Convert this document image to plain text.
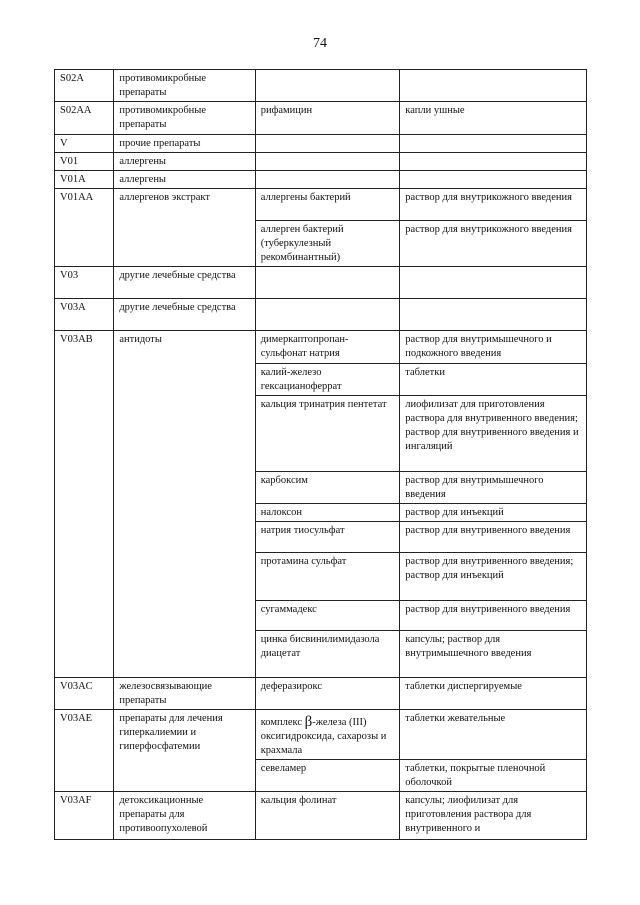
74
S02A	противомикробные препараты		
S02AA	противомикробные препараты	рифамицин	капли ушные
V	прочие препараты		
V01	аллергены		
V01A	аллергены		
V01AA	аллергенов экстракт	аллергены бактерий	раствор для внутрикожного введения
		аллерген бактерий (туберкулезный рекомбинантный)	раствор для внутрикожного введения
V03	другие лечебные средства		
V03A	другие лечебные средства		
V03AB	антидоты	димеркаптопропан-сульфонат натрия	раствор для внутримышечного и подкожного введения
		калий-железо гексацианоферрат	таблетки
		кальция тринатрия пентетат	лиофилизат для приготовления раствора для внутривенного введения; раствор для внутривенного введения и ингаляций
		карбоксим	раствор для внутримышечного введения
		налоксон	раствор для инъекций
		натрия тиосульфат	раствор для внутривенного введения
		протамина сульфат	раствор для внутривенного введения;
раствор для инъекций
		сугаммадекс	раствор для внутривенного введения
		цинка бисвинилимидазола диацетат	капсулы; раствор для внутримышечного введения
V03AC	железосвязывающие препараты	деферазирокс	таблетки диспергируемые
V03AE	препараты для лечения гиперкалиемии и гиперфосфатемии	комплекс β-железа (III) оксигидроксида, сахарозы и крахмала	таблетки жевательные
		севеламер	таблетки, покрытые пленочной оболочкой
V03AF	детоксикационные препараты для противоопухолевой	кальция фолинат	капсулы; лиофилизат для приготовления раствора для внутривенного и
